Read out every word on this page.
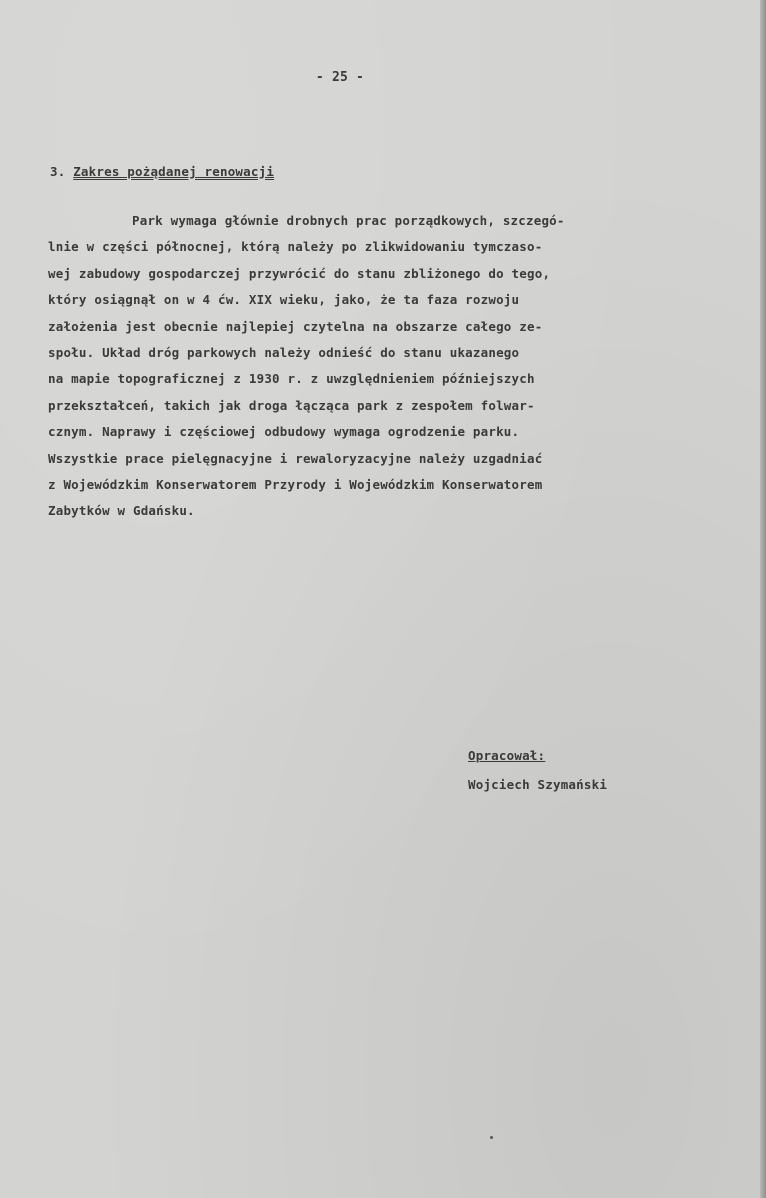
- 25 -
3. Zakres pożądanej renowacji
Park wymaga głównie drobnych prac porządkowych, szczegó-
lnie w części północnej, którą należy po zlikwidowaniu tymczaso-
wej zabudowy gospodarczej przywrócić do stanu zbliżonego do tego,
który osiągnął on w 4 ćw. XIX wieku, jako, że ta faza rozwoju
założenia jest obecnie najlepiej czytelna na obszarze całego ze-
społu. Układ dróg parkowych należy odnieść do stanu ukazanego
na mapie topograficznej z 1930 r. z uwzględnieniem późniejszych
przekształceń, takich jak droga łącząca park z zespołem folwar-
cznym. Naprawy i częściowej odbudowy wymaga ogrodzenie parku.
Wszystkie prace pielęgnacyjne i rewaloryzacyjne należy uzgadniać
z Wojewódzkim Konserwatorem Przyrody i Wojewódzkim Konserwatorem
Zabytków w Gdańsku.
Opracował:
Wojciech Szymański
